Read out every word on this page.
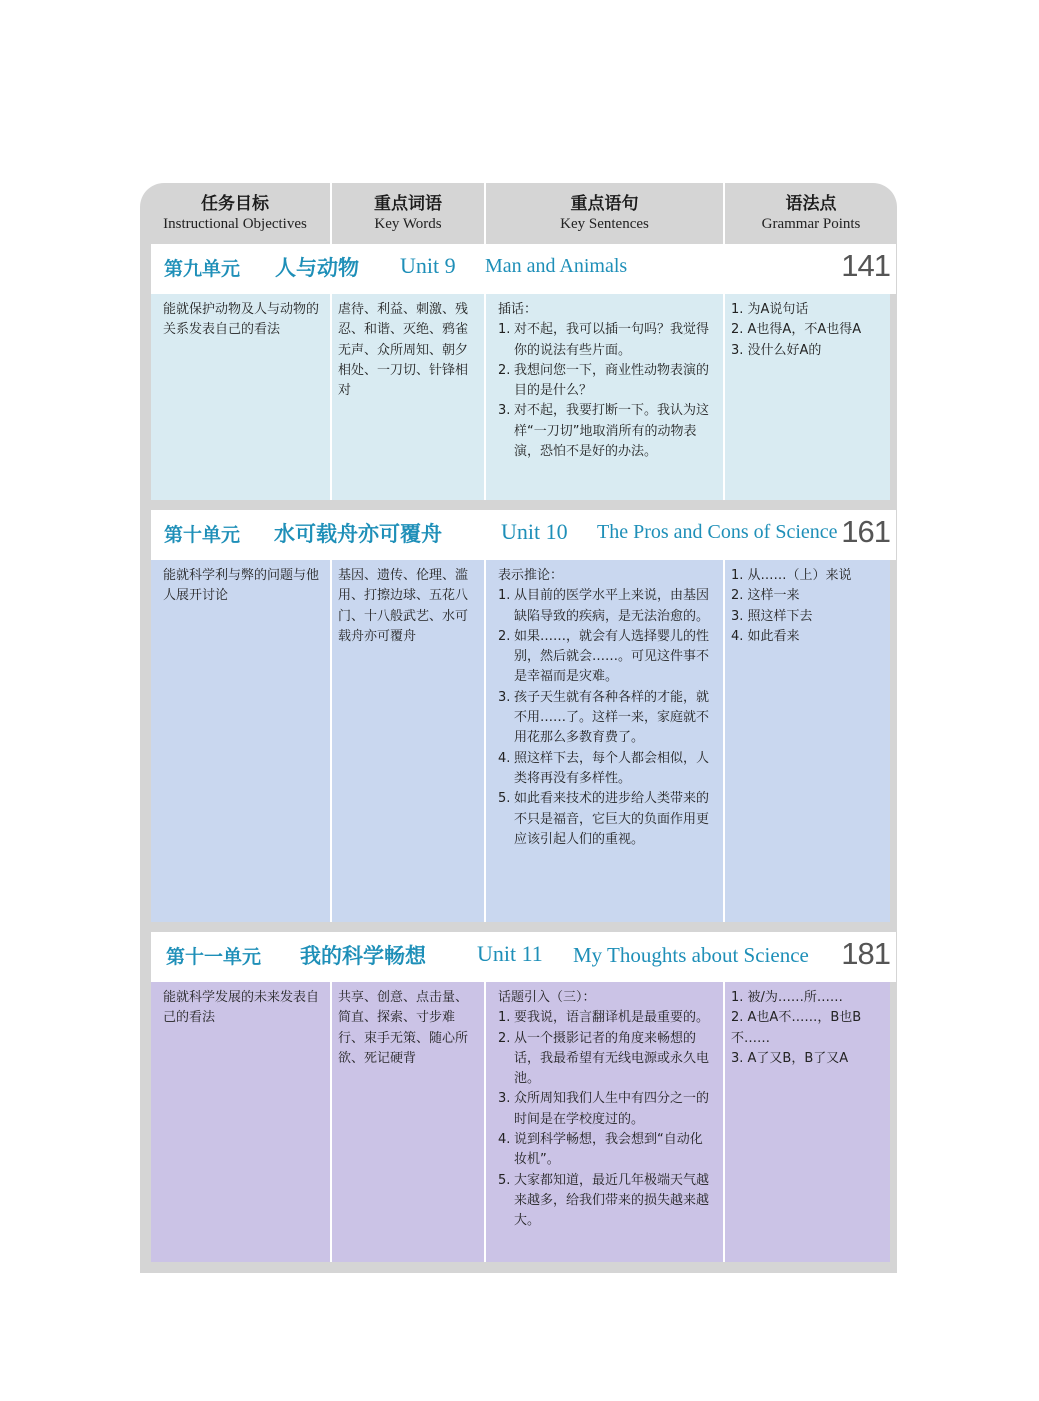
任务目标
Instructional Objectives
重点词语
Key Words
重点语句
Key Sentences
语法点
Grammar Points
第九单元 人与动物 Unit 9 Man and Animals	141
能就保护动物及人与动物的关系发表自己的看法
虐待、利益、刺激、残忍、和谐、灭绝、鸦雀无声、众所周知、朝夕相处、一刀切、针锋相对
插话：
1. 对不起，我可以插一句吗？我觉得你的说法有些片面。
2. 我想问您一下，商业性动物表演的目的是什么？
3. 对不起，我要打断一下。我认为这样“一刀切”地取消所有的动物表演，恐怕不是好的办法。
1. 为A说句话
2. A也得A，不A也得A
3. 没什么好A的
第十单元 水可载舟亦可覆舟	Unit 10 The Pros and Cons of Science 161
能就科学利与弊的问题与他人展开讨论
基因、遗传、伦理、滥用、打擦边球、五花八门、十八般武艺、水可载舟亦可覆舟
表示推论：
1. 从目前的医学水平上来说，由基因缺陷导致的疾病，是无法治愈的。
2. 如果……，就会有人选择婴儿的性别，然后就会……。可见这件事不是幸福而是灾难。
3. 孩子天生就有各种各样的才能，就不用……了。这样一来，家庭就不用花那么多教育费了。
4. 照这样下去，每个人都会相似，人类将再没有多样性。
5. 如此看来技术的进步给人类带来的不只是福音，它巨大的负面作用更应该引起人们的重视。
1. 从……（上）来说
2. 这样一来
3. 照这样下去
4. 如此看来
第十一单元 我的科学畅想 Unit 11 My Thoughts about Science 181
能就科学发展的未来发表自己的看法
共享、创意、点击量、简直、探索、寸步难行、束手无策、随心所欲、死记硬背
话题引入（三）：
1. 要我说，语言翻译机是最重要的。
2. 从一个摄影记者的角度来畅想的话，我最希望有无线电源或永久电池。
3. 众所周知我们人生中有四分之一的时间是在学校度过的。
4. 说到科学畅想，我会想到“自动化妆机”。
5. 大家都知道，最近几年极端天气越来越多，给我们带来的损失越来越大。
1. 被/为……所……
2. A也A不……，B也B不……
3. A了又B，B了又A
